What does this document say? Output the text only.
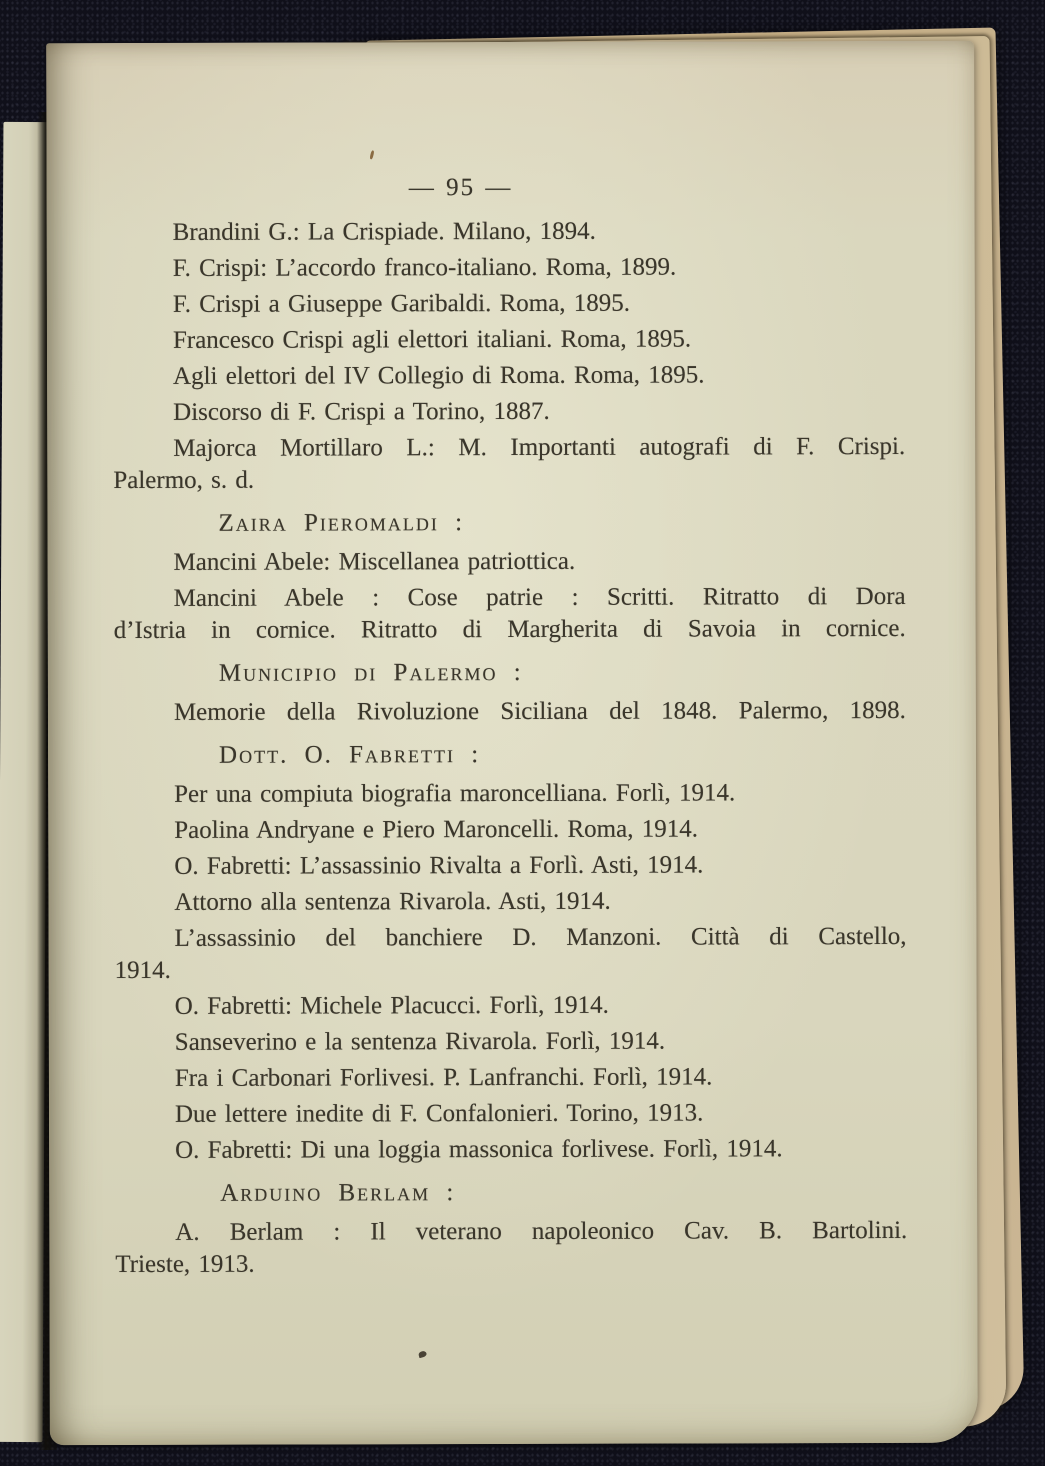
— 95 —
Brandini G.: La Crispiade. Milano, 1894.
F. Crispi: L’accordo franco-italiano. Roma, 1899.
F. Crispi a Giuseppe Garibaldi. Roma, 1895.
Francesco Crispi agli elettori italiani. Roma, 1895.
Agli elettori del IV Collegio di Roma. Roma, 1895.
Discorso di F. Crispi a Torino, 1887.
Majorca Mortillaro L.: M. Importanti autografi di F. Crispi.
Palermo, s. d.
Zaira Pieromaldi :
Mancini Abele: Miscellanea patriottica.
Mancini Abele : Cose patrie : Scritti. Ritratto di Dora
d’Istria in cornice. Ritratto di Margherita di Savoia in cornice.
Municipio di Palermo :
Memorie della Rivoluzione Siciliana del 1848. Palermo, 1898.
Dott. O. Fabretti :
Per una compiuta biografia maroncelliana. Forlì, 1914.
Paolina Andryane e Piero Maroncelli. Roma, 1914.
O. Fabretti: L’assassinio Rivalta a Forlì. Asti, 1914.
Attorno alla sentenza Rivarola. Asti, 1914.
L’assassinio del banchiere D. Manzoni. Città di Castello,
1914.
O. Fabretti: Michele Placucci. Forlì, 1914.
Sanseverino e la sentenza Rivarola. Forlì, 1914.
Fra i Carbonari Forlivesi. P. Lanfranchi. Forlì, 1914.
Due lettere inedite di F. Confalonieri. Torino, 1913.
O. Fabretti: Di una loggia massonica forlivese. Forlì, 1914.
Arduino Berlam :
A. Berlam : Il veterano napoleonico Cav. B. Bartolini.
Trieste, 1913.
